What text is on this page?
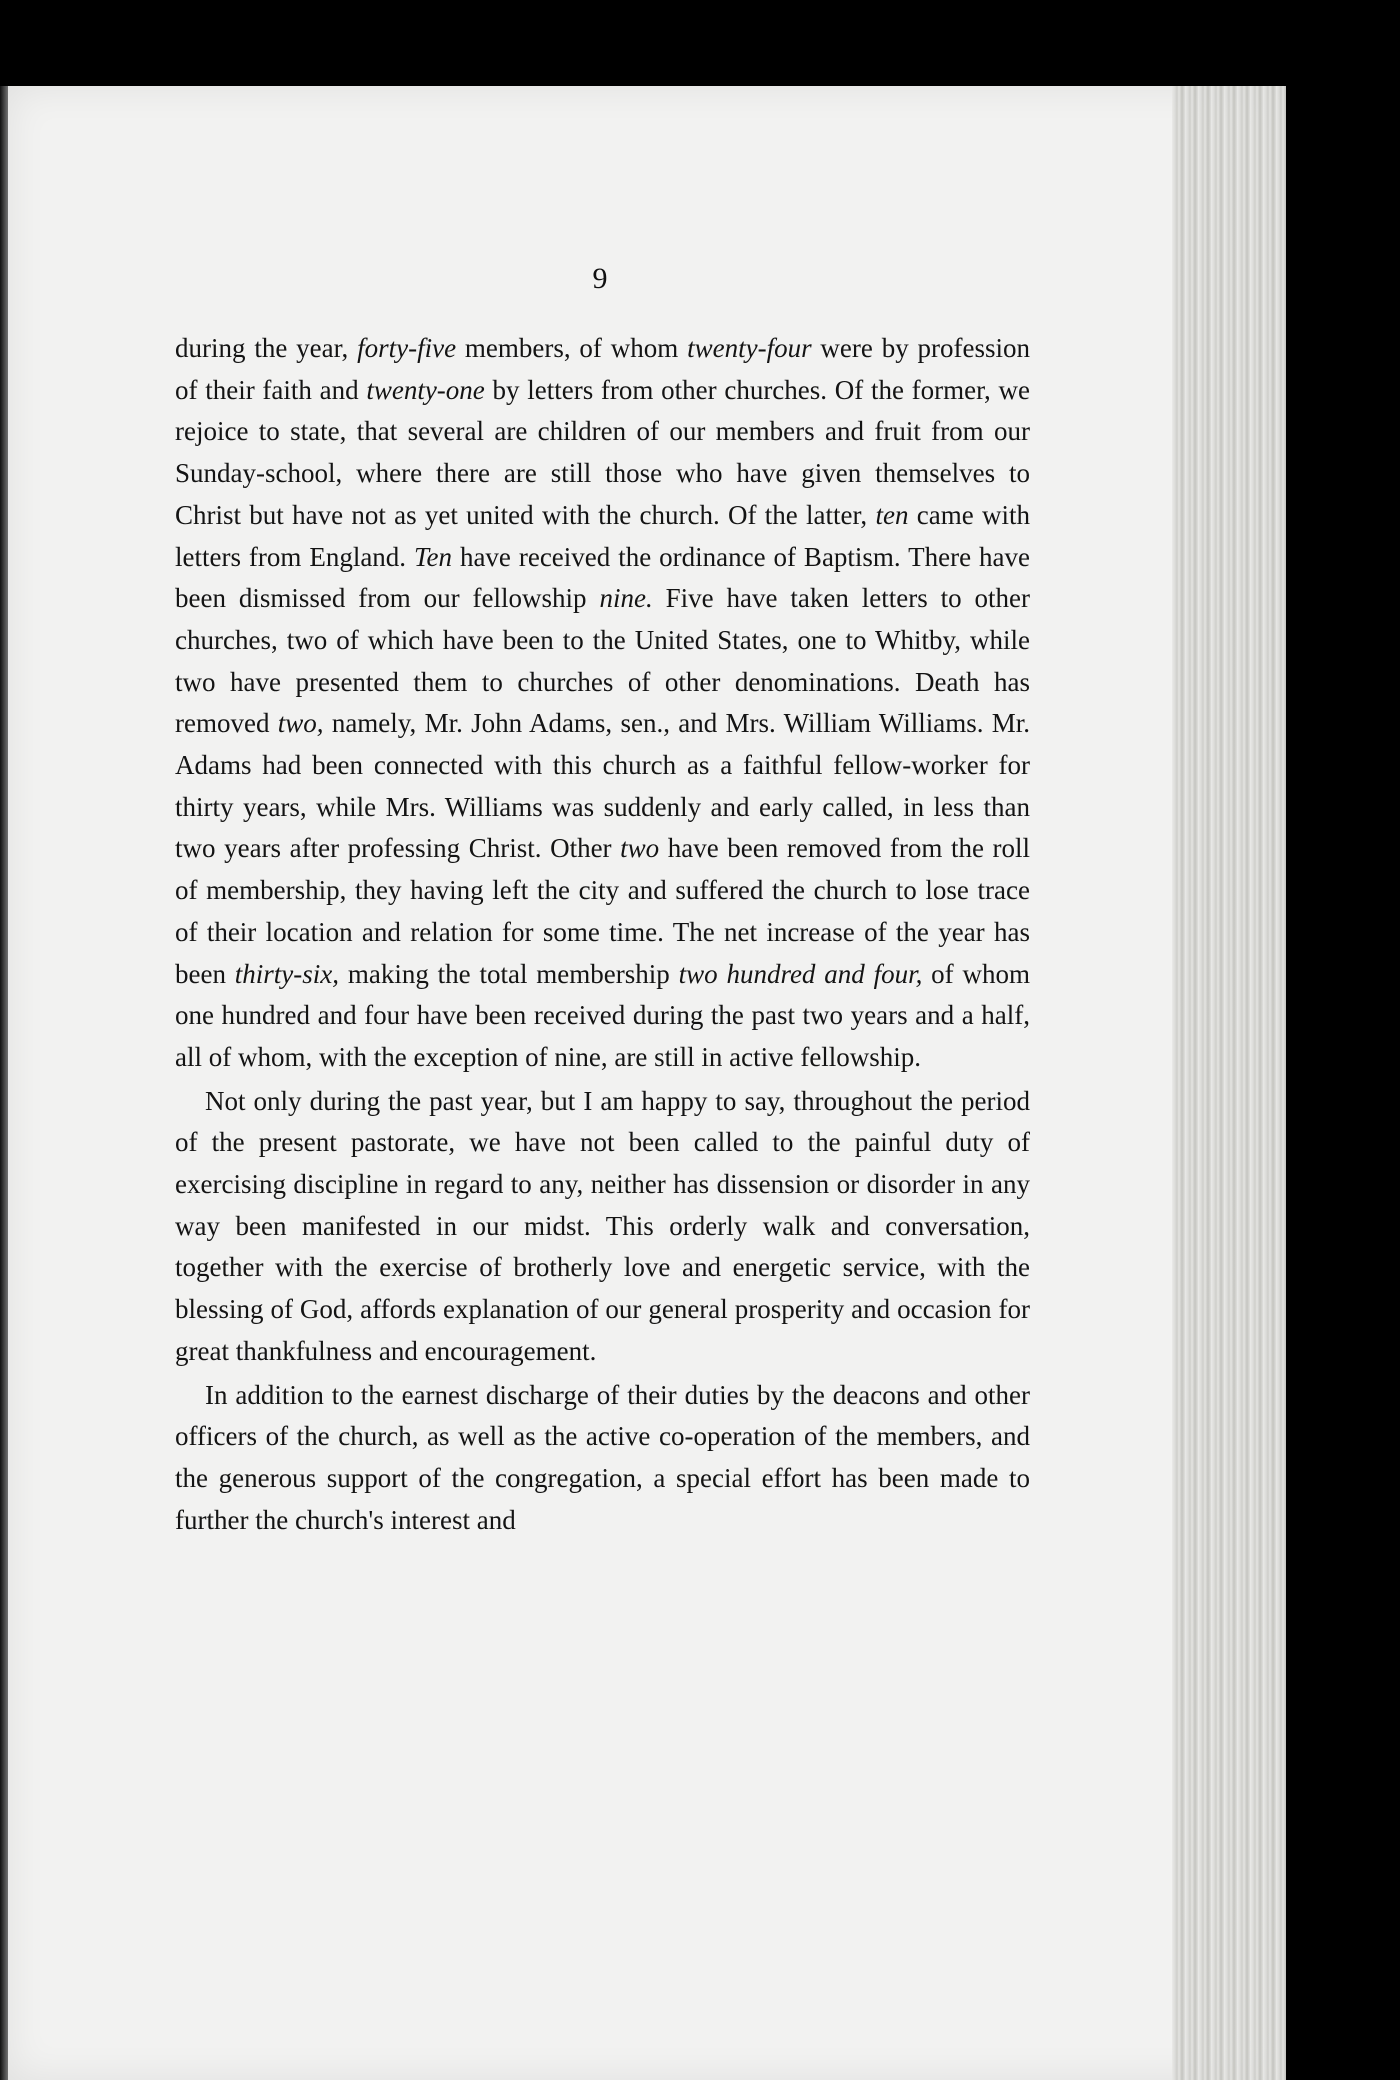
9

during the year, forty-five members, of whom twenty-four were by profession of their faith and twenty-one by letters from other churches. Of the former, we rejoice to state, that several are children of our members and fruit from our Sunday-school, where there are still those who have given themselves to Christ but have not as yet united with the church. Of the latter, ten came with letters from England. Ten have received the ordinance of Baptism. There have been dismissed from our fellowship nine. Five have taken letters to other churches, two of which have been to the United States, one to Whitby, while two have presented them to churches of other denominations. Death has removed two, namely, Mr. John Adams, sen., and Mrs. William Williams. Mr. Adams had been connected with this church as a faithful fellow-worker for thirty years, while Mrs. Williams was suddenly and early called, in less than two years after professing Christ. Other two have been removed from the roll of membership, they having left the city and suffered the church to lose trace of their location and relation for some time. The net increase of the year has been thirty-six, making the total membership two hundred and four, of whom one hundred and four have been received during the past two years and a half, all of whom, with the exception of nine, are still in active fellowship.

Not only during the past year, but I am happy to say, throughout the period of the present pastorate, we have not been called to the painful duty of exercising discipline in regard to any, neither has dissension or disorder in any way been manifested in our midst. This orderly walk and conversation, together with the exercise of brotherly love and energetic service, with the blessing of God, affords explanation of our general prosperity and occasion for great thankfulness and encouragement.

In addition to the earnest discharge of their duties by the deacons and other officers of the church, as well as the active co-operation of the members, and the generous support of the congregation, a special effort has been made to further the church's interest and
